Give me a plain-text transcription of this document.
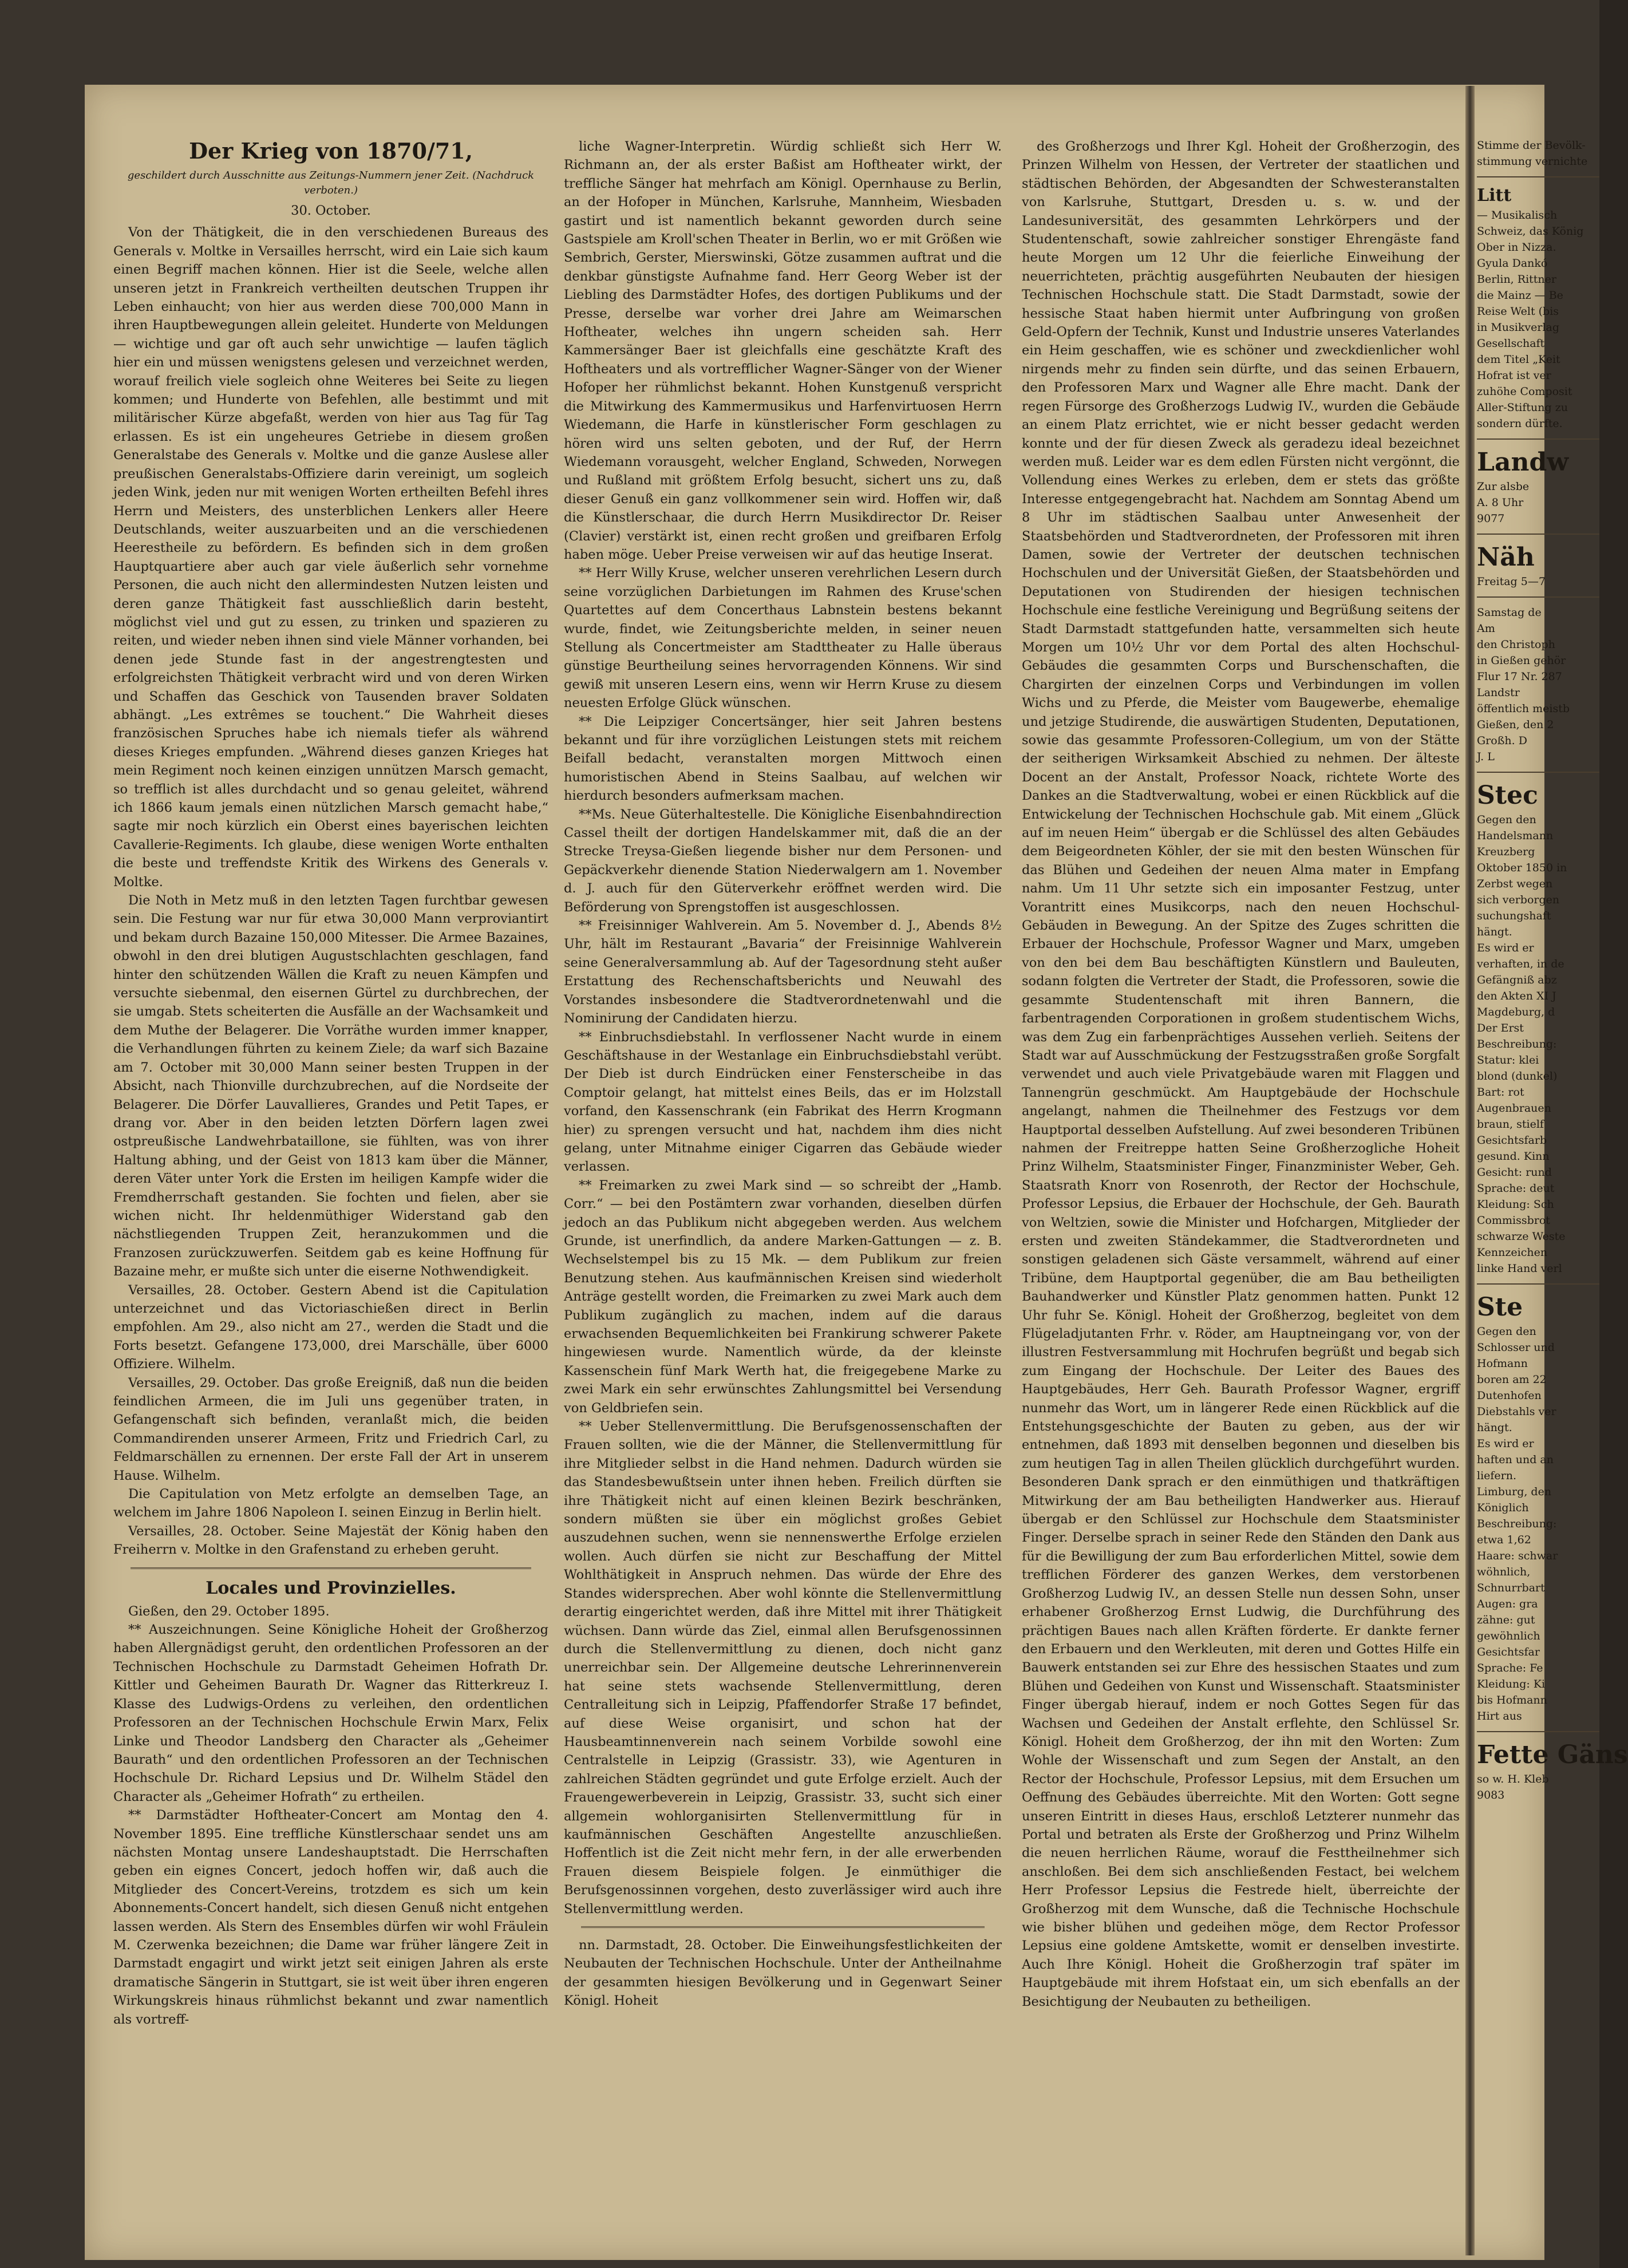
Der Krieg von 1870/71,
geschildert durch Ausschnitte aus Zeitungs-Nummern jener Zeit. (Nachdruck verboten.)
30. October.

Von der Thätigkeit, die in den verschiedenen Bureaus des Generals v. Moltke in Versailles herrscht, wird ein Laie sich kaum einen Begriff machen können. Hier ist die Seele, welche allen unseren jetzt in Frankreich vertheilten deutschen Truppen ihr Leben einhaucht; von hier aus werden diese 700,000 Mann in ihren Hauptbewegungen allein geleitet. Hunderte von Meldungen — wichtige und gar oft auch sehr unwichtige — laufen täglich hier ein und müssen wenigstens gelesen und verzeichnet werden, worauf freilich viele sogleich ohne Weiteres bei Seite zu liegen kommen; und Hunderte von Befehlen, alle bestimmt und mit militärischer Kürze abgefaßt, werden von hier aus Tag für Tag erlassen. Es ist ein ungeheures Getriebe in diesem großen Generalstabe des Generals v. Moltke und die ganze Auslese aller preußischen Generalstabs-Offiziere darin vereinigt, um sogleich jeden Wink, jeden nur mit wenigen Worten ertheilten Befehl ihres Herrn und Meisters, des unsterblichen Lenkers aller Heere Deutschlands, weiter auszuarbeiten und an die verschiedenen Heerestheile zu befördern. Es befinden sich in dem großen Hauptquartiere aber auch gar viele äußerlich sehr vornehme Personen, die auch nicht den allermindesten Nutzen leisten und deren ganze Thätigkeit fast ausschließlich darin besteht, möglichst viel und gut zu essen, zu trinken und spazieren zu reiten, und wieder neben ihnen sind viele Männer vorhanden, bei denen jede Stunde fast in der angestrengtesten und erfolgreichsten Thätigkeit verbracht wird und von deren Wirken und Schaffen das Geschick von Tausenden braver Soldaten abhängt. „Les extrêmes se touchent.“ Die Wahrheit dieses französischen Spruches habe ich niemals tiefer als während dieses Krieges empfunden. „Während dieses ganzen Krieges hat mein Regiment noch keinen einzigen unnützen Marsch gemacht, so trefflich ist alles durchdacht und so genau geleitet, während ich 1866 kaum jemals einen nützlichen Marsch gemacht habe,“ sagte mir noch kürzlich ein Oberst eines bayerischen leichten Cavallerie-Regiments. Ich glaube, diese wenigen Worte enthalten die beste und treffendste Kritik des Wirkens des Generals v. Moltke.

Die Noth in Metz muß in den letzten Tagen furchtbar gewesen sein. Die Festung war nur für etwa 30,000 Mann verproviantirt und bekam durch Bazaine 150,000 Mitesser. Die Armee Bazaines, obwohl in den drei blutigen Augustschlachten geschlagen, fand hinter den schützenden Wällen die Kraft zu neuen Kämpfen und versuchte siebenmal, den eisernen Gürtel zu durchbrechen, der sie umgab. Stets scheiterten die Ausfälle an der Wachsamkeit und dem Muthe der Belagerer. Die Vorräthe wurden immer knapper, die Verhandlungen führten zu keinem Ziele; da warf sich Bazaine am 7. October mit 30,000 Mann seiner besten Truppen in der Absicht, nach Thionville durchzubrechen, auf die Nordseite der Belagerer. Die Dörfer Lauvallieres, Grandes und Petit Tapes, er drang vor. Aber in den beiden letzten Dörfern lagen zwei ostpreußische Landwehrbataillone, sie fühlten, was von ihrer Haltung abhing, und der Geist von 1813 kam über die Männer, deren Väter unter York die Ersten im heiligen Kampfe wider die Fremdherrschaft gestanden. Sie fochten und fielen, aber sie wichen nicht. Ihr heldenmüthiger Widerstand gab den nächstliegenden Truppen Zeit, heranzukommen und die Franzosen zurückzuwerfen. Seitdem gab es keine Hoffnung für Bazaine mehr, er mußte sich unter die eiserne Nothwendigkeit.

Versailles, 28. October. Gestern Abend ist die Capitulation unterzeichnet und das Victoriaschießen direct in Berlin empfohlen. Am 29., also nicht am 27., werden die Stadt und die Forts besetzt. Gefangene 173,000, drei Marschälle, über 6000 Offiziere. Wilhelm.

Versailles, 29. October. Das große Ereigniß, daß nun die beiden feindlichen Armeen, die im Juli uns gegenüber traten, in Gefangenschaft sich befinden, veranlaßt mich, die beiden Commandirenden unserer Armeen, Fritz und Friedrich Carl, zu Feldmarschällen zu ernennen. Der erste Fall der Art in unserem Hause. Wilhelm.

Die Capitulation von Metz erfolgte an demselben Tage, an welchem im Jahre 1806 Napoleon I. seinen Einzug in Berlin hielt.

Versailles, 28. October. Seine Majestät der König haben den Freiherrn v. Moltke in den Grafenstand zu erheben geruht.

Locales und Provinzielles.

Gießen, den 29. October 1895.

** Auszeichnungen. Seine Königliche Hoheit der Großherzog haben Allergnädigst geruht, den ordentlichen Professoren an der Technischen Hochschule zu Darmstadt Geheimen Hofrath Dr. Kittler und Geheimen Baurath Dr. Wagner das Ritterkreuz I. Klasse des Ludwigs-Ordens zu verleihen, den ordentlichen Professoren an der Technischen Hochschule Erwin Marx, Felix Linke und Theodor Landsberg den Character als „Geheimer Baurath“ und den ordentlichen Professoren an der Technischen Hochschule Dr. Richard Lepsius und Dr. Wilhelm Städel den Character als „Geheimer Hofrath“ zu ertheilen.

** Darmstädter Hoftheater-Concert am Montag den 4. November 1895. Eine treffliche Künstlerschaar sendet uns am nächsten Montag unsere Landeshauptstadt. Die Herrschaften geben ein eignes Concert, jedoch hoffen wir, daß auch die Mitglieder des Concert-Vereins, trotzdem es sich um kein Abonnements-Concert handelt, sich diesen Genuß nicht entgehen lassen werden. Als Stern des Ensembles dürfen wir wohl Fräulein M. Czerwenka bezeichnen; die Dame war früher längere Zeit in Darmstadt engagirt und wirkt jetzt seit einigen Jahren als erste dramatische Sängerin in Stuttgart, sie ist weit über ihren engeren Wirkungskreis hinaus rühmlichst bekannt und zwar namentlich als vortreff-

liche Wagner-Interpretin. Würdig schließt sich Herr W. Richmann an, der als erster Baßist am Hoftheater wirkt, der treffliche Sänger hat mehrfach am Königl. Opernhause zu Berlin, an der Hofoper in München, Karlsruhe, Mannheim, Wiesbaden gastirt und ist namentlich bekannt geworden durch seine Gastspiele am Kroll'schen Theater in Berlin, wo er mit Größen wie Sembrich, Gerster, Mierswinski, Götze zusammen auftrat und die denkbar günstigste Aufnahme fand. Herr Georg Weber ist der Liebling des Darmstädter Hofes, des dortigen Publikums und der Presse, derselbe war vorher drei Jahre am Weimarschen Hoftheater, welches ihn ungern scheiden sah. Herr Kammersänger Baer ist gleichfalls eine geschätzte Kraft des Hoftheaters und als vortrefflicher Wagner-Sänger von der Wiener Hofoper her rühmlichst bekannt. Hohen Kunstgenuß verspricht die Mitwirkung des Kammermusikus und Harfenvirtuosen Herrn Wiedemann, die Harfe in künstlerischer Form geschlagen zu hören wird uns selten geboten, und der Ruf, der Herrn Wiedemann vorausgeht, welcher England, Schweden, Norwegen und Rußland mit größtem Erfolg besucht, sichert uns zu, daß dieser Genuß ein ganz vollkommener sein wird. Hoffen wir, daß die Künstlerschaar, die durch Herrn Musikdirector Dr. Reiser (Clavier) verstärkt ist, einen recht großen und greifbaren Erfolg haben möge. Ueber Preise verweisen wir auf das heutige Inserat.

** Herr Willy Kruse, welcher unseren verehrlichen Lesern durch seine vorzüglichen Darbietungen im Rahmen des Kruse'schen Quartettes auf dem Concerthaus Labnstein bestens bekannt wurde, findet, wie Zeitungsberichte melden, in seiner neuen Stellung als Concertmeister am Stadttheater zu Halle überaus günstige Beurtheilung seines hervorragenden Könnens. Wir sind gewiß mit unseren Lesern eins, wenn wir Herrn Kruse zu diesem neuesten Erfolge Glück wünschen.

** Die Leipziger Concertsänger, hier seit Jahren bestens bekannt und für ihre vorzüglichen Leistungen stets mit reichem Beifall bedacht, veranstalten morgen Mittwoch einen humoristischen Abend in Steins Saalbau, auf welchen wir hierdurch besonders aufmerksam machen.

**Ms. Neue Güterhaltestelle. Die Königliche Eisenbahndirection Cassel theilt der dortigen Handelskammer mit, daß die an der Strecke Treysa-Gießen liegende bisher nur dem Personen- und Gepäckverkehr dienende Station Niederwalgern am 1. November d. J. auch für den Güterverkehr eröffnet werden wird. Die Beförderung von Sprengstoffen ist ausgeschlossen.

** Freisinniger Wahlverein. Am 5. November d. J., Abends 8½ Uhr, hält im Restaurant „Bavaria“ der Freisinnige Wahlverein seine Generalversammlung ab. Auf der Tagesordnung steht außer Erstattung des Rechenschaftsberichts und Neuwahl des Vorstandes insbesondere die Stadtverordnetenwahl und die Nominirung der Candidaten hierzu.

** Einbruchsdiebstahl. In verflossener Nacht wurde in einem Geschäftshause in der Westanlage ein Einbruchsdiebstahl verübt. Der Dieb ist durch Eindrücken einer Fensterscheibe in das Comptoir gelangt, hat mittelst eines Beils, das er im Holzstall vorfand, den Kassenschrank (ein Fabrikat des Herrn Krogmann hier) zu sprengen versucht und hat, nachdem ihm dies nicht gelang, unter Mitnahme einiger Cigarren das Gebäude wieder verlassen.

** Freimarken zu zwei Mark sind — so schreibt der „Hamb. Corr.“ — bei den Postämtern zwar vorhanden, dieselben dürfen jedoch an das Publikum nicht abgegeben werden. Aus welchem Grunde, ist unerfindlich, da andere Marken-Gattungen — z. B. Wechselstempel bis zu 15 Mk. — dem Publikum zur freien Benutzung stehen. Aus kaufmännischen Kreisen sind wiederholt Anträge gestellt worden, die Freimarken zu zwei Mark auch dem Publikum zugänglich zu machen, indem auf die daraus erwachsenden Bequemlichkeiten bei Frankirung schwerer Pakete hingewiesen wurde. Namentlich würde, da der kleinste Kassenschein fünf Mark Werth hat, die freigegebene Marke zu zwei Mark ein sehr erwünschtes Zahlungsmittel bei Versendung von Geldbriefen sein.

** Ueber Stellenvermittlung. Die Berufsgenossenschaften der Frauen sollten, wie die der Männer, die Stellenvermittlung für ihre Mitglieder selbst in die Hand nehmen. Dadurch würden sie das Standesbewußtsein unter ihnen heben. Freilich dürften sie ihre Thätigkeit nicht auf einen kleinen Bezirk beschränken, sondern müßten sie über ein möglichst großes Gebiet auszudehnen suchen, wenn sie nennenswerthe Erfolge erzielen wollen. Auch dürfen sie nicht zur Beschaffung der Mittel Wohlthätigkeit in Anspruch nehmen. Das würde der Ehre des Standes widersprechen. Aber wohl könnte die Stellenvermittlung derartig eingerichtet werden, daß ihre Mittel mit ihrer Thätigkeit wüchsen. Dann würde das Ziel, einmal allen Berufsgenossinnen durch die Stellenvermittlung zu dienen, doch nicht ganz unerreichbar sein. Der Allgemeine deutsche Lehrerinnenverein hat seine stets wachsende Stellenvermittlung, deren Centralleitung sich in Leipzig, Pfaffendorfer Straße 17 befindet, auf diese Weise organisirt, und schon hat der Hausbeamtinnenverein nach seinem Vorbilde sowohl eine Centralstelle in Leipzig (Grassistr. 33), wie Agenturen in zahlreichen Städten gegründet und gute Erfolge erzielt. Auch der Frauengewerbeverein in Leipzig, Grassistr. 33, sucht sich einer allgemein wohlorganisirten Stellenvermittlung für in kaufmännischen Geschäften Angestellte anzuschließen. Hoffentlich ist die Zeit nicht mehr fern, in der alle erwerbenden Frauen diesem Beispiele folgen. Je einmüthiger die Berufsgenossinnen vorgehen, desto zuverlässiger wird auch ihre Stellenvermittlung werden.

nn. Darmstadt, 28. October. Die Einweihungsfestlichkeiten der Neubauten der Technischen Hochschule. Unter der Antheilnahme der gesammten hiesigen Bevölkerung und in Gegenwart Seiner Königl. Hoheit

des Großherzogs und Ihrer Kgl. Hoheit der Großherzogin, des Prinzen Wilhelm von Hessen, der Vertreter der staatlichen und städtischen Behörden, der Abgesandten der Schwesteranstalten von Karlsruhe, Stuttgart, Dresden u. s. w. und der Landesuniversität, des gesammten Lehrkörpers und der Studentenschaft, sowie zahlreicher sonstiger Ehrengäste fand heute Morgen um 12 Uhr die feierliche Einweihung der neuerrichteten, prächtig ausgeführten Neubauten der hiesigen Technischen Hochschule statt. Die Stadt Darmstadt, sowie der hessische Staat haben hiermit unter Aufbringung von großen Geld-Opfern der Technik, Kunst und Industrie unseres Vaterlandes ein Heim geschaffen, wie es schöner und zweckdienlicher wohl nirgends mehr zu finden sein dürfte, und das seinen Erbauern, den Professoren Marx und Wagner alle Ehre macht. Dank der regen Fürsorge des Großherzogs Ludwig IV., wurden die Gebäude an einem Platz errichtet, wie er nicht besser gedacht werden konnte und der für diesen Zweck als geradezu ideal bezeichnet werden muß. Leider war es dem edlen Fürsten nicht vergönnt, die Vollendung eines Werkes zu erleben, dem er stets das größte Interesse entgegengebracht hat. Nachdem am Sonntag Abend um 8 Uhr im städtischen Saalbau unter Anwesenheit der Staatsbehörden und Stadtverordneten, der Professoren mit ihren Damen, sowie der Vertreter der deutschen technischen Hochschulen und der Universität Gießen, der Staatsbehörden und Deputationen von Studirenden der hiesigen technischen Hochschule eine festliche Vereinigung und Begrüßung seitens der Stadt Darmstadt stattgefunden hatte, versammelten sich heute Morgen um 10½ Uhr vor dem Portal des alten Hochschul-Gebäudes die gesammten Corps und Burschenschaften, die Chargirten der einzelnen Corps und Verbindungen im vollen Wichs und zu Pferde, die Meister vom Baugewerbe, ehemalige und jetzige Studirende, die auswärtigen Studenten, Deputationen, sowie das gesammte Professoren-Collegium, um von der Stätte der seitherigen Wirksamkeit Abschied zu nehmen. Der älteste Docent an der Anstalt, Professor Noack, richtete Worte des Dankes an die Stadtverwaltung, wobei er einen Rückblick auf die Entwickelung der Technischen Hochschule gab. Mit einem „Glück auf im neuen Heim“ übergab er die Schlüssel des alten Gebäudes dem Beigeordneten Köhler, der sie mit den besten Wünschen für das Blühen und Gedeihen der neuen Alma mater in Empfang nahm. Um 11 Uhr setzte sich ein imposanter Festzug, unter Vorantritt eines Musikcorps, nach den neuen Hochschul-Gebäuden in Bewegung. An der Spitze des Zuges schritten die Erbauer der Hochschule, Professor Wagner und Marx, umgeben von den bei dem Bau beschäftigten Künstlern und Bauleuten, sodann folgten die Vertreter der Stadt, die Professoren, sowie die gesammte Studentenschaft mit ihren Bannern, die farbentragenden Corporationen in großem studentischem Wichs, was dem Zug ein farbenprächtiges Aussehen verlieh. Seitens der Stadt war auf Ausschmückung der Festzugsstraßen große Sorgfalt verwendet und auch viele Privatgebäude waren mit Flaggen und Tannengrün geschmückt. Am Hauptgebäude der Hochschule angelangt, nahmen die Theilnehmer des Festzugs vor dem Hauptportal desselben Aufstellung. Auf zwei besonderen Tribünen nahmen der Freitreppe hatten Seine Großherzogliche Hoheit Prinz Wilhelm, Staatsminister Finger, Finanzminister Weber, Geh. Staatsrath Knorr von Rosenroth, der Rector der Hochschule, Professor Lepsius, die Erbauer der Hochschule, der Geh. Baurath von Weltzien, sowie die Minister und Hofchargen, Mitglieder der ersten und zweiten Ständekammer, die Stadtverordneten und sonstigen geladenen sich Gäste versammelt, während auf einer Tribüne, dem Hauptportal gegenüber, die am Bau betheiligten Bauhandwerker und Künstler Platz genommen hatten. Punkt 12 Uhr fuhr Se. Königl. Hoheit der Großherzog, begleitet von dem Flügeladjutanten Frhr. v. Röder, am Hauptneingang vor, von der illustren Festversammlung mit Hochrufen begrüßt und begab sich zum Eingang der Hochschule. Der Leiter des Baues des Hauptgebäudes, Herr Geh. Baurath Professor Wagner, ergriff nunmehr das Wort, um in längerer Rede einen Rückblick auf die Entstehungsgeschichte der Bauten zu geben, aus der wir entnehmen, daß 1893 mit denselben begonnen und dieselben bis zum heutigen Tag in allen Theilen glücklich durchgeführt wurden. Besonderen Dank sprach er den einmüthigen und thatkräftigen Mitwirkung der am Bau betheiligten Handwerker aus. Hierauf übergab er den Schlüssel zur Hochschule dem Staatsminister Finger. Derselbe sprach in seiner Rede den Ständen den Dank aus für die Bewilligung der zum Bau erforderlichen Mittel, sowie dem trefflichen Förderer des ganzen Werkes, dem verstorbenen Großherzog Ludwig IV., an dessen Stelle nun dessen Sohn, unser erhabener Großherzog Ernst Ludwig, die Durchführung des prächtigen Baues nach allen Kräften förderte. Er dankte ferner den Erbauern und den Werkleuten, mit deren und Gottes Hilfe ein Bauwerk entstanden sei zur Ehre des hessischen Staates und zum Blühen und Gedeihen von Kunst und Wissenschaft. Staatsminister Finger übergab hierauf, indem er noch Gottes Segen für das Wachsen und Gedeihen der Anstalt erflehte, den Schlüssel Sr. Königl. Hoheit dem Großherzog, der ihn mit den Worten: Zum Wohle der Wissenschaft und zum Segen der Anstalt, an den Rector der Hochschule, Professor Lepsius, mit dem Ersuchen um Oeffnung des Gebäudes überreichte. Mit den Worten: Gott segne unseren Eintritt in dieses Haus, erschloß Letzterer nunmehr das Portal und betraten als Erste der Großherzog und Prinz Wilhelm die neuen herrlichen Räume, worauf die Festtheilnehmer sich anschloßen. Bei dem sich anschließenden Festact, bei welchem Herr Professor Lepsius die Festrede hielt, überreichte der Großherzog mit dem Wunsche, daß die Technische Hochschule wie bisher blühen und gedeihen möge, dem Rector Professor Lepsius eine goldene Amtskette, womit er denselben investirte. Auch Ihre Königl. Hoheit die Großherzogin traf später im Hauptgebäude mit ihrem Hofstaat ein, um sich ebenfalls an der Besichtigung der Neubauten zu betheiligen.

Stimme der Bevölk-
stimmung vernichte
Litt
— Musikalisch
Schweiz, das König
Ober in Nizza.
Gyula Dankó
Berlin, Rittner
die Mainz — Be
Reise Welt (bis
in Musikverlag
Gesellschaft
dem Titel „Keit
Hofrat ist ver
zuhöhe Composit
Aller-Stiftung zu
sondern dürfte.
Landw
Zur alsbe
A. 8 Uhr
9077
Näh
Freitag 5—7
Samstag de
Am
den Christoph
in Gießen gehör
Flur 17 Nr. 287
Landstr
öffentlich meistb
Gießen, den 2
Großh. D
J. L
Stec
Gegen den
Handelsmann
Kreuzberg
Oktober 1850 in
Zerbst wegen
sich verborgen
suchungshaft
hängt.
Es wird er
verhaften, in de
Gefängniß abz
den Akten XI J
Magdeburg, d
Der Erst
Beschreibung:
Statur: klei
blond (dunkel)
Bart: rot
Augenbrauen
braun, stielf
Gesichtsfarb
gesund. Kinn
Gesicht: rund
Sprache: deut
Kleidung: Sch
Commissbrot
schwarze Weste
Kennzeichen
linke Hand verl
Ste
Gegen den
Schlosser und
Hofmann
boren am 22
Dutenhofen
Diebstahls ver
hängt.
Es wird er
haften und an
liefern.
Limburg, den
Königlich
Beschreibung:
etwa 1,62
Haare: schwar
wöhnlich,
Schnurrbart
Augen: gra
zähne: gut
gewöhnlich
Gesichtsfar
Sprache: Fe
Kleidung: Ki
bis Hofmann
Hirt aus
Fette Gäns
so w. H. Kleb
9083
